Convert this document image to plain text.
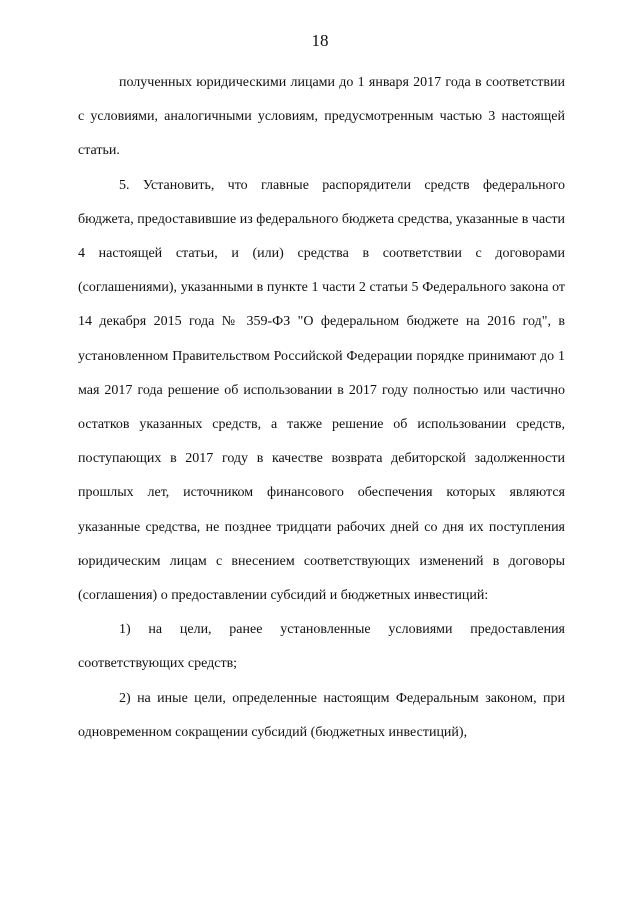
18

полученных юридическими лицами до 1 января 2017 года в соответствии с условиями, аналогичными условиям, предусмотренным частью 3 настоящей статьи.

5. Установить, что главные распорядители средств федерального бюджета, предоставившие из федерального бюджета средства, указанные в части 4 настоящей статьи, и (или) средства в соответствии с договорами (соглашениями), указанными в пункте 1 части 2 статьи 5 Федерального закона от 14 декабря 2015 года № 359-ФЗ "О федеральном бюджете на 2016 год", в установленном Правительством Российской Федерации порядке принимают до 1 мая 2017 года решение об использовании в 2017 году полностью или частично остатков указанных средств, а также решение об использовании средств, поступающих в 2017 году в качестве возврата дебиторской задолженности прошлых лет, источником финансового обеспечения которых являются указанные средства, не позднее тридцати рабочих дней со дня их поступления юридическим лицам с внесением соответствующих изменений в договоры (соглашения) о предоставлении субсидий и бюджетных инвестиций:

1) на цели, ранее установленные условиями предоставления соответствующих средств;

2) на иные цели, определенные настоящим Федеральным законом, при одновременном сокращении субсидий (бюджетных инвестиций),
